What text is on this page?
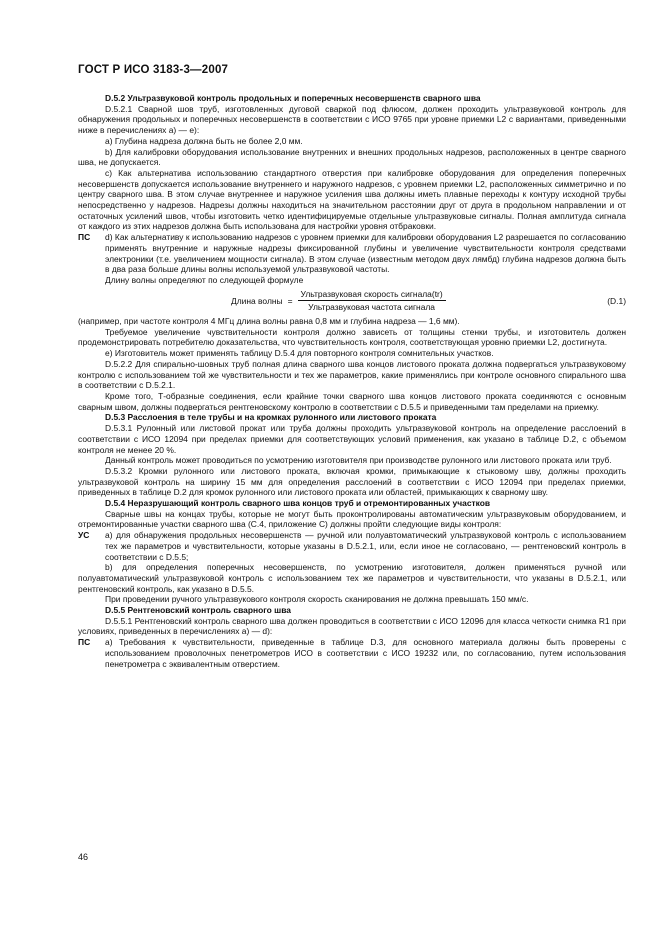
ГОСТ Р ИСО 3183-3—2007

D.5.2 Ультразвуковой контроль продольных и поперечных несовершенств сварного шва

D.5.2.1 Сварной шов труб, изготовленных дуговой сваркой под флюсом, должен проходить ультразвуковой контроль для обнаружения продольных и поперечных несовершенств в соответствии с ИСО 9765 при уровне приемки L2 с вариантами, приведенными ниже в перечислениях а) — е):

a) Глубина надреза должна быть не более 2,0 мм.

b) Для калибровки оборудования использование внутренних и внешних продольных надрезов, расположенных в центре сварного шва, не допускается.

c) Как альтернатива использованию стандартного отверстия при калибровке оборудования для определения поперечных несовершенств допускается использование внутреннего и наружного надрезов, с уровнем приемки L2, расположенных симметрично и по центру сварного шва. В этом случае внутреннее и наружное усиления шва должны иметь плавные переходы к контуру исходной трубы непосредственно у надрезов. Надрезы должны находиться на значительном расстоянии друг от друга в продольном направлении и от остаточных усилений швов, чтобы изготовить четко идентифицируемые отдельные ультразвуковые сигналы. Полная амплитуда сигнала от каждого из этих надрезов должна быть использована для настройки уровня отбраковки.

ПС	d) Как альтернативу к использованию надрезов с уровнем приемки для калибровки оборудования L2 разрешается по согласованию применять внутренние и наружные надрезы фиксированной глубины и увеличение чувствительности контроля средствами электроники (т.е. увеличением мощности сигнала). В этом случае (известным методом двух лямбд) глубина надрезов должна быть в два раза больше длины волны используемой ультразвуковой частоты.

Длину волны определяют по следующей формуле

Длина волны = $\frac{\text{Ультразвуковая скорость сигнала(tr)}}{\text{Ультразвуковая частота сигнала}}$	(D.1)

(например, при частоте контроля 4 МГц длина волны равна 0,8 мм и глубина надреза — 1,6 мм).

Требуемое увеличение чувствительности контроля должно зависеть от толщины стенки трубы, и изготовитель должен продемонстрировать потребителю доказательства, что чувствительность контроля, соответствующая уровню приемки L2, достигнута.

e) Изготовитель может применять таблицу D.5.4 для повторного контроля сомнительных участков.

D.5.2.2 Для спирально-шовных труб полная длина сварного шва концов листового проката должна подвергаться ультразвуковому контролю с использованием той же чувствительности и тех же параметров, какие применялись при контроле основного спирального шва в соответствии с D.5.2.1.

Кроме того, Т-образные соединения, если крайние точки сварного шва концов листового проката соединяются с основным сварным швом, должны подвергаться рентгеновскому контролю в соответствии с D.5.5 и приведенными там пределами на приемку.

D.5.3 Расслоения в теле трубы и на кромках рулонного или листового проката

D.5.3.1 Рулонный или листовой прокат или труба должны проходить ультразвуковой контроль на определение расслоений в соответствии с ИСО 12094 при пределах приемки для соответствующих условий применения, как указано в таблице D.2, с объемом контроля не менее 20 %.

Данный контроль может проводиться по усмотрению изготовителя при производстве рулонного или листового проката или труб.

D.5.3.2 Кромки рулонного или листового проката, включая кромки, примыкающие к стыковому шву, должны проходить ультразвуковой контроль на ширину 15 мм для определения расслоений в соответствии с ИСО 12094 при пределах приемки, приведенных в таблице D.2 для кромок рулонного или листового проката или областей, примыкающих к сварному шву.

D.5.4 Неразрушающий контроль сварного шва концов труб и отремонтированных участков

Сварные швы на концах трубы, которые не могут быть проконтролированы автоматическим ультразвуковым оборудованием, и отремонтированные участки сварного шва (С.4, приложение С) должны пройти следующие виды контроля:

УС	a) для обнаружения продольных несовершенств — ручной или полуавтоматический ультразвуковой контроль с использованием тех же параметров и чувствительности, которые указаны в D.5.2.1, или, если иное не согласовано, — рентгеновский контроль в соответствии с D.5.5;

b) для определения поперечных несовершенств, по усмотрению изготовителя, должен применяться ручной или полуавтоматический ультразвуковой контроль с использованием тех же параметров и чувствительности, что указаны в D.5.2.1, или рентгеновский контроль, как указано в D.5.5.

При проведении ручного ультразвукового контроля скорость сканирования не должна превышать 150 мм/с.

D.5.5 Рентгеновский контроль сварного шва

D.5.5.1 Рентгеновский контроль сварного шва должен проводиться в соответствии с ИСО 12096 для класса четкости снимка R1 при условиях, приведенных в перечислениях а) — d):

ПС	a) Требования к чувствительности, приведенные в таблице D.3, для основного материала должны быть проверены с использованием проволочных пенетрометров ИСО в соответствии с ИСО 19232 или, по согласованию, путем использования пенетрометра с эквивалентным отверстием.
46
